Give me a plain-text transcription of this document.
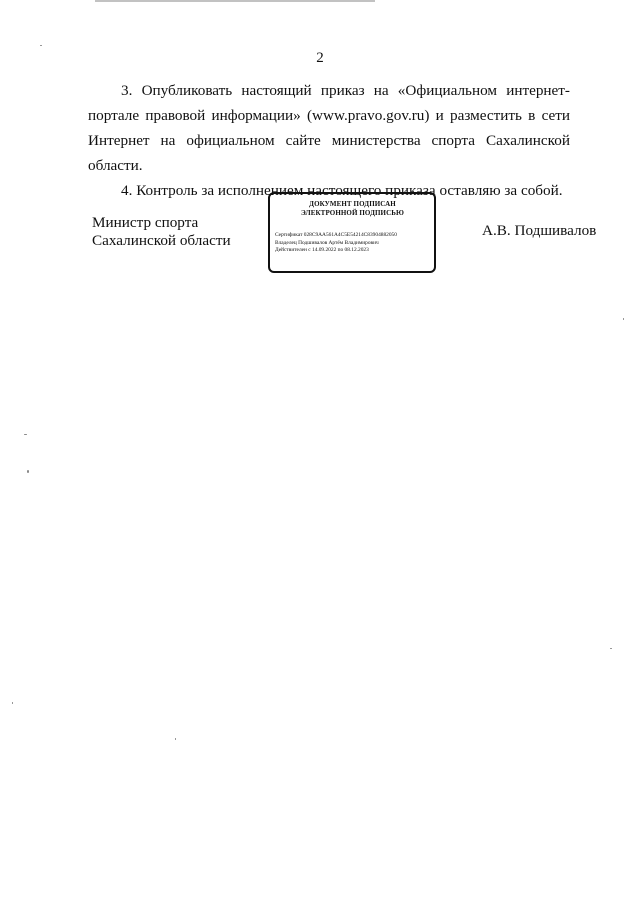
2

3. Опубликовать настоящий приказ на «Официальном интернет-портале правовой информации» (www.pravo.gov.ru) и разместить в сети Интернет на официальном сайте министерства спорта Сахалинской области.

4. Контроль за исполнением настоящего приказа оставляю за собой.

Министр спорта
Сахалинской области
ДОКУМЕНТ ПОДПИСАН
ЭЛЕКТРОННОЙ ПОДПИСЬЮ
Сертификат 028C9AA561A4C5E54214C83904882050
Владелец Подшивалов Артём Владимирович
Действителен с 14.09.2022 по 08.12.2023
А.В. Подшивалов
